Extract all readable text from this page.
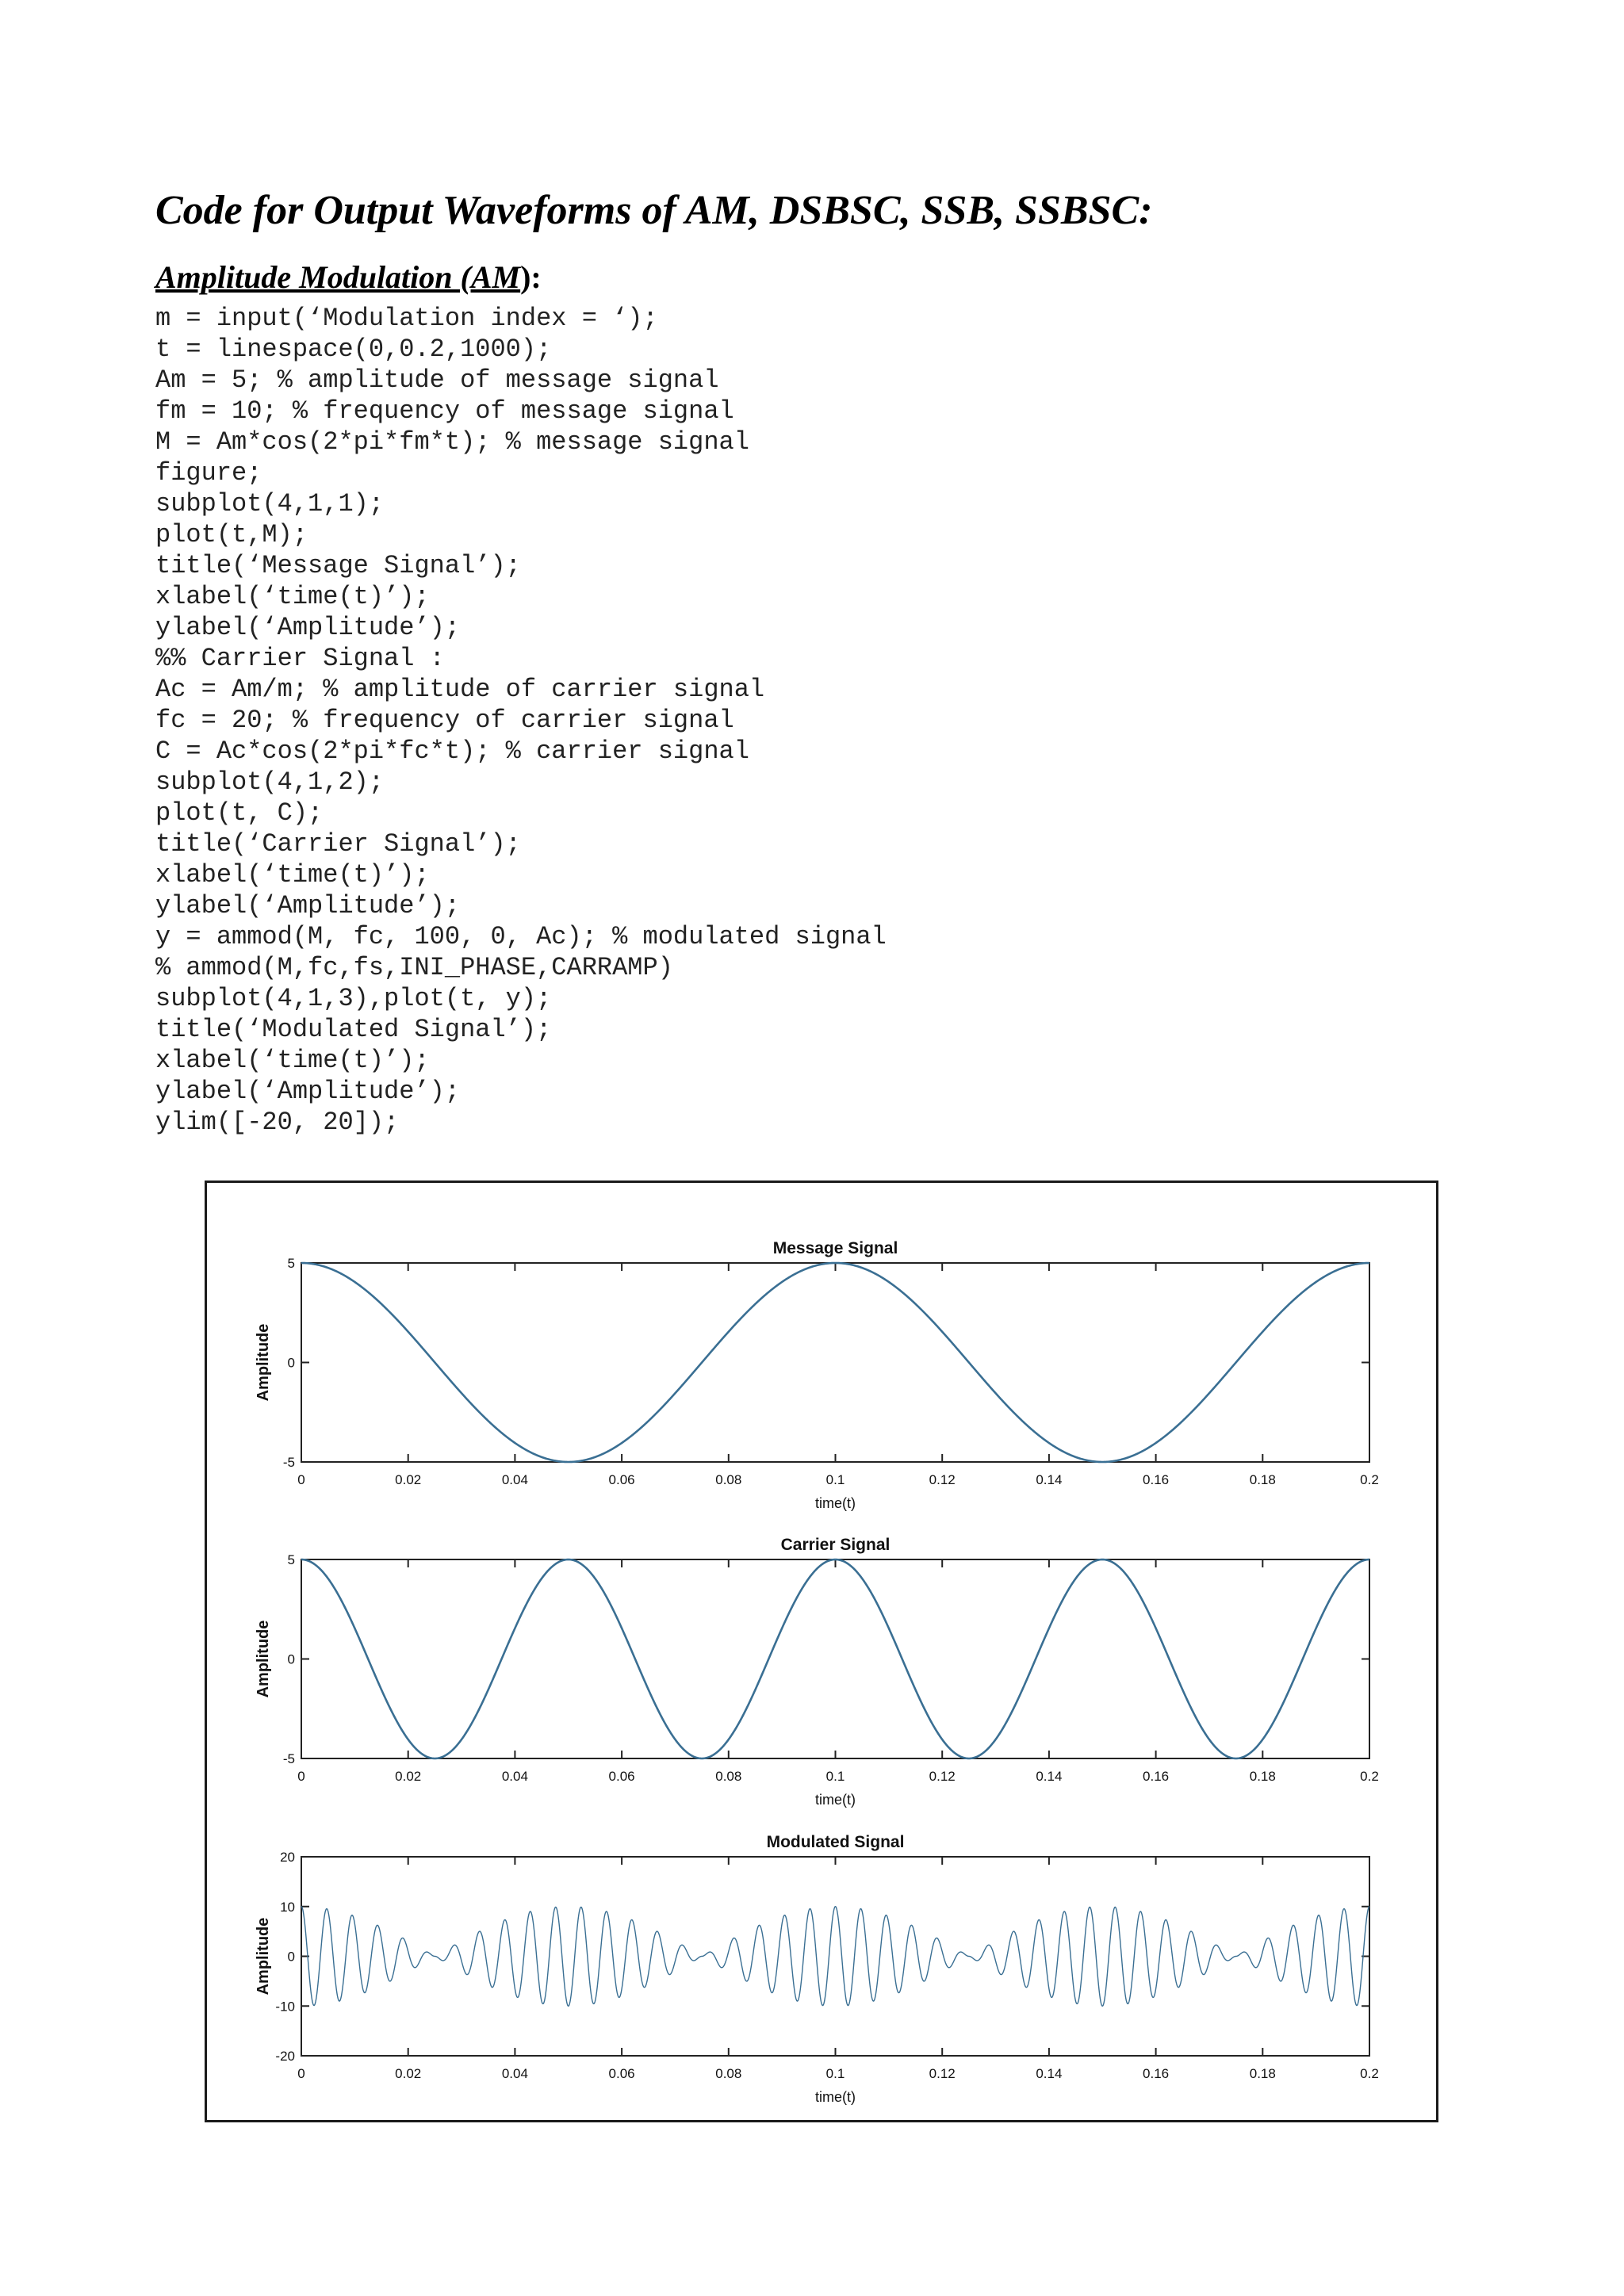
Code for Output Waveforms of AM, DSBSC, SSB, SSBSC:
Amplitude Modulation (AM):
m = input(‘Modulation index = ‘);
t = linespace(0,0.2,1000);
Am = 5; % amplitude of message signal
fm = 10; % frequency of message signal
M = Am*cos(2*pi*fm*t); % message signal
figure;
subplot(4,1,1);
plot(t,M);
title(‘Message Signal’);
xlabel(‘time(t)’);
ylabel(‘Amplitude’);
%% Carrier Signal :
Ac = Am/m; % amplitude of carrier signal
fc = 20; % frequency of carrier signal
C = Ac*cos(2*pi*fc*t); % carrier signal
subplot(4,1,2);
plot(t, C);
title(‘Carrier Signal’);
xlabel(‘time(t)’);
ylabel(‘Amplitude’);
y = ammod(M, fc, 100, 0, Ac); % modulated signal
% ammod(M,fc,fs,INI_PHASE,CARRAMP)
subplot(4,1,3),plot(t, y);
title(‘Modulated Signal’);
xlabel(‘time(t)’);
ylabel(‘Amplitude’);
ylim([-20, 20]);
0	0.02	0.04	0.06	0.08	0.1	0.12	0.14	0.16	0.18	0.2
5
0
-5
Message Signal
time(t)
Amplitude
0	0.02	0.04	0.06	0.08	0.1	0.12	0.14	0.16	0.18	0.2
5
0
-5
Carrier Signal
time(t)
Amplitude
0	0.02	0.04	0.06	0.08	0.1	0.12	0.14	0.16	0.18	0.2
20
10
0
-10
-20
Modulated Signal
time(t)
Amplitude
